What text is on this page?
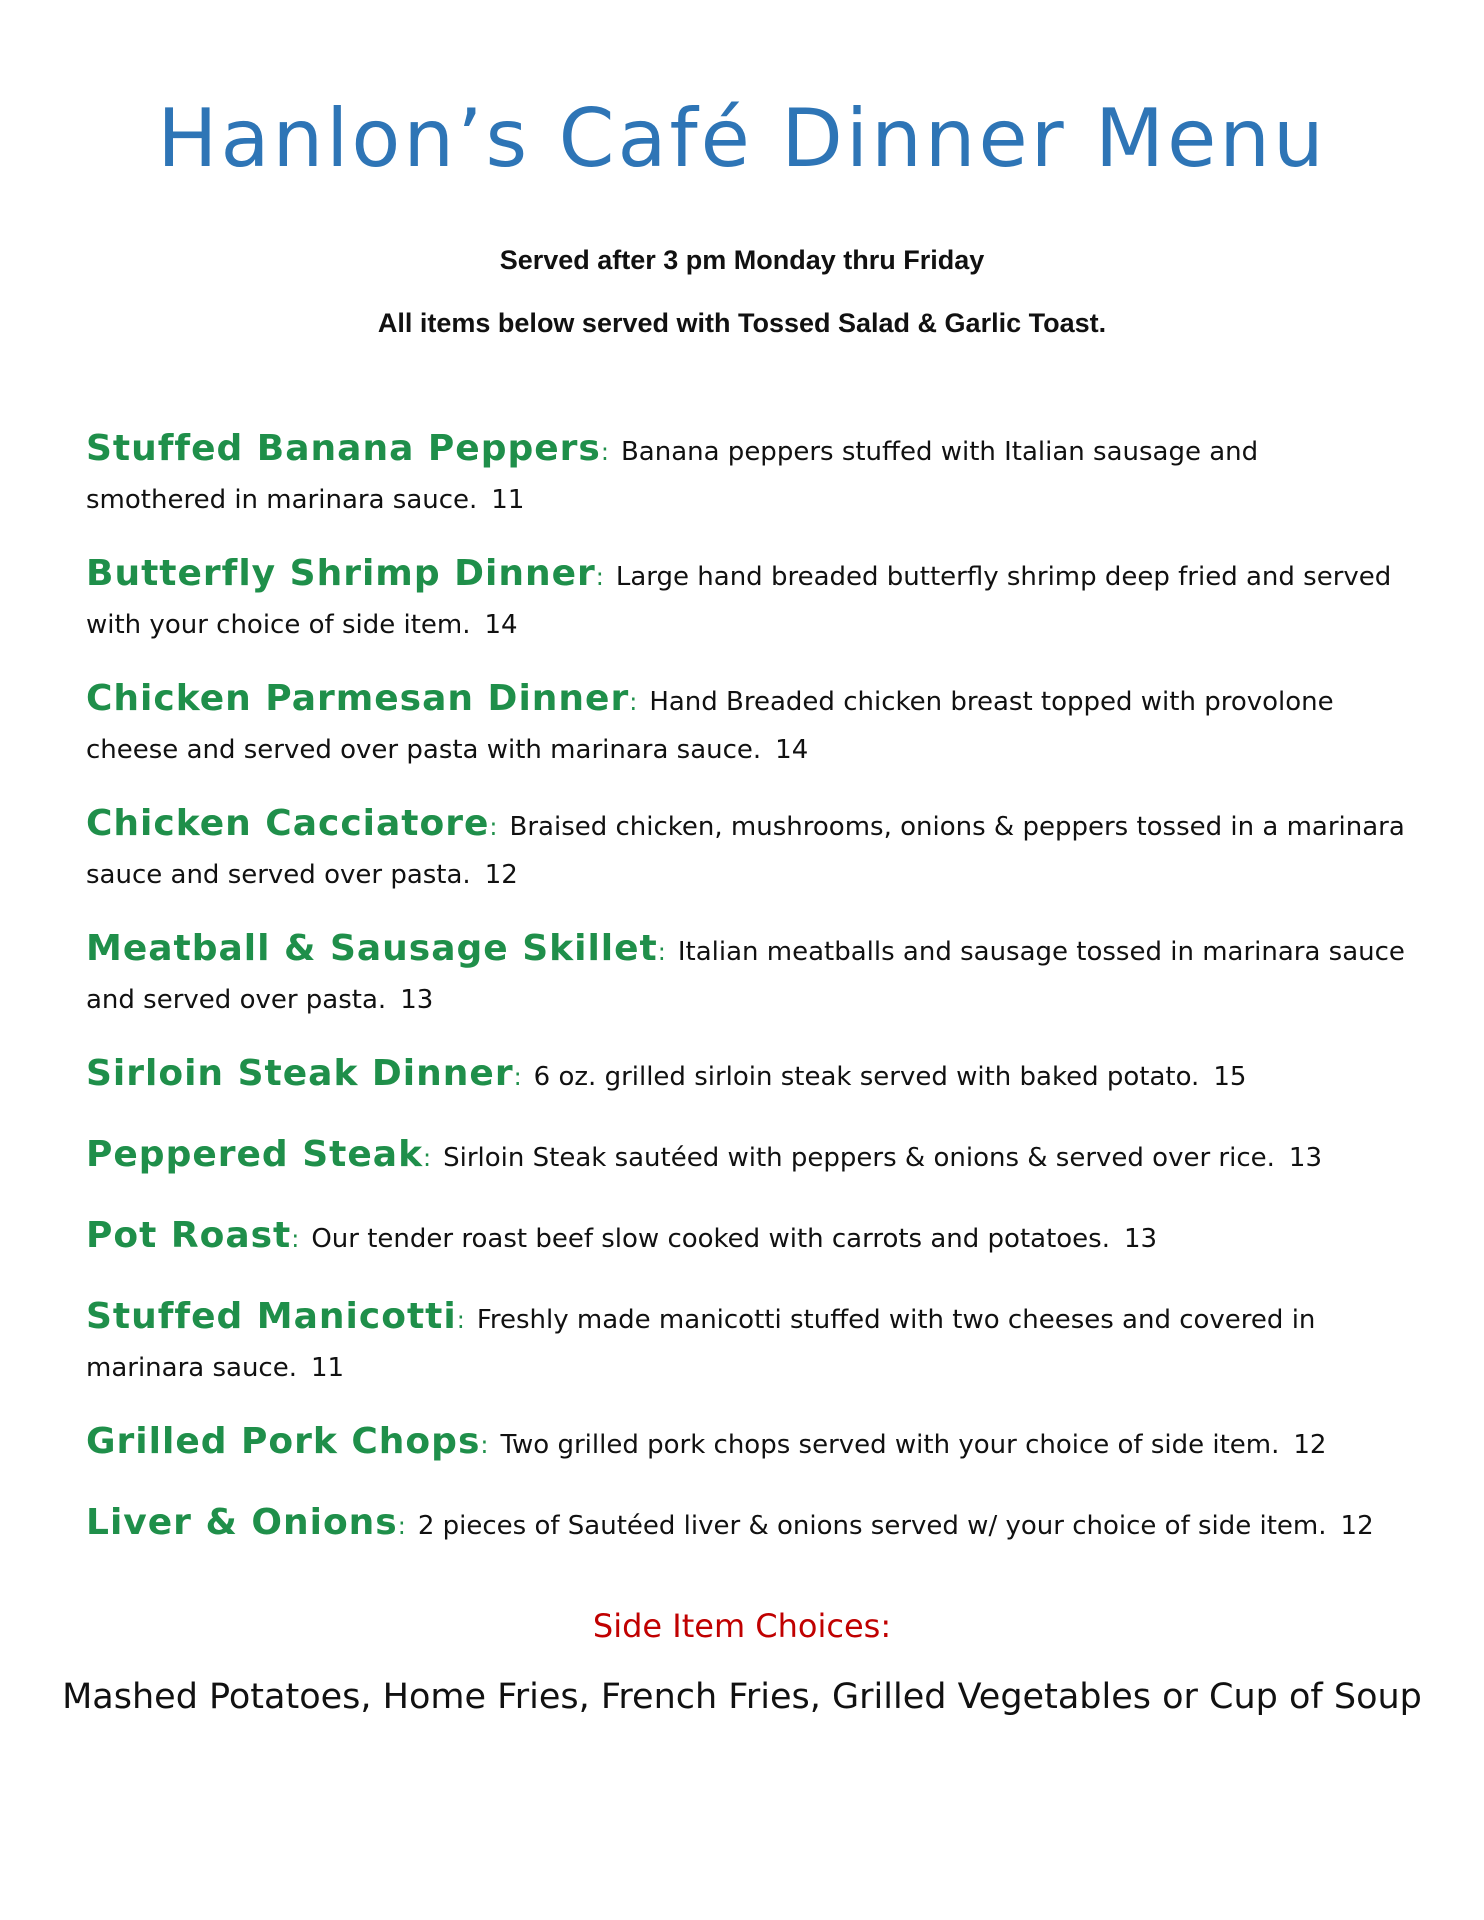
Hanlon’s Café Dinner Menu
Served after 3 pm Monday thru Friday
All items below served with Tossed Salad & Garlic Toast.
Stuffed Banana Peppers: Banana peppers stuffed with Italian sausage and smothered in marinara sauce. 11
Butterfly Shrimp Dinner: Large hand breaded butterfly shrimp deep fried and served with your choice of side item. 14
Chicken Parmesan Dinner: Hand Breaded chicken breast topped with provolone cheese and served over pasta with marinara sauce. 14
Chicken Cacciatore: Braised chicken, mushrooms, onions & peppers tossed in a marinara sauce and served over pasta. 12
Meatball & Sausage Skillet: Italian meatballs and sausage tossed in marinara sauce and served over pasta. 13
Sirloin Steak Dinner: 6 oz. grilled sirloin steak served with baked potato. 15
Peppered Steak: Sirloin Steak sautéed with peppers & onions & served over rice. 13
Pot Roast: Our tender roast beef slow cooked with carrots and potatoes. 13
Stuffed Manicotti: Freshly made manicotti stuffed with two cheeses and covered in marinara sauce. 11
Grilled Pork Chops: Two grilled pork chops served with your choice of side item. 12
Liver & Onions: 2 pieces of Sautéed liver & onions served w/ your choice of side item. 12
Side Item Choices:
Mashed Potatoes, Home Fries, French Fries, Grilled Vegetables or Cup of Soup
